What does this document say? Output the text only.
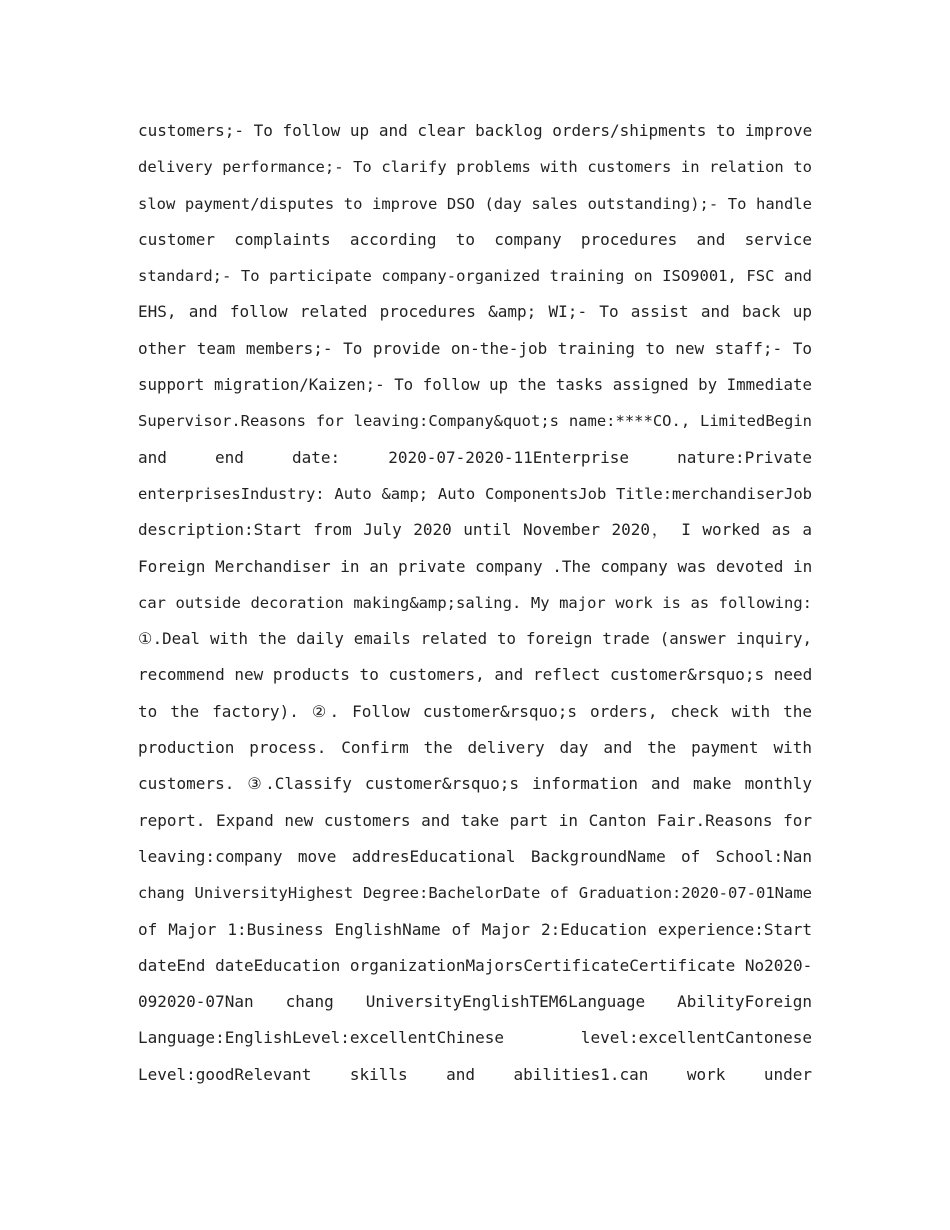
customers;- To follow up and clear backlog orders/shipments to improve
delivery performance;- To clarify problems with customers in relation to
slow payment/disputes to improve DSO (day sales outstanding);- To handle
customer complaints according to company procedures and service
standard;- To participate company-organized training on ISO9001, FSC and
EHS, and follow related procedures &amp; WI;- To assist and back up
other team members;- To provide on-the-job training to new staff;- To
support migration/Kaizen;- To follow up the tasks assigned by Immediate
Supervisor.Reasons for leaving:Company&quot;s name:****CO., LimitedBegin
and end date: 2020-07-2020-11Enterprise nature:Private
enterprisesIndustry: Auto &amp; Auto ComponentsJob Title:merchandiserJob
description:Start from July 2020 until November 2020， I worked as a
Foreign Merchandiser in an private company .The company was devoted in
car outside decoration making&amp;saling. My major work is as following:
①.Deal with the daily emails related to foreign trade (answer inquiry,
recommend new products to customers, and reflect customer&rsquo;s need
to the factory). ②. Follow customer&rsquo;s orders, check with the
production process. Confirm the delivery day and the payment with
customers. ③.Classify customer&rsquo;s information and make monthly
report. Expand new customers and take part in Canton Fair.Reasons for
leaving:company move addresEducational BackgroundName of School:Nan
chang UniversityHighest Degree:BachelorDate of Graduation:2020-07-01Name
of Major 1:Business EnglishName of Major 2:Education experience:Start
dateEnd dateEducation organizationMajorsCertificateCertificate No2020-
092020-07Nan chang UniversityEnglishTEM6Language AbilityForeign
Language:EnglishLevel:excellentChinese level:excellentCantonese
Level:goodRelevant skills and abilities1.can work under
